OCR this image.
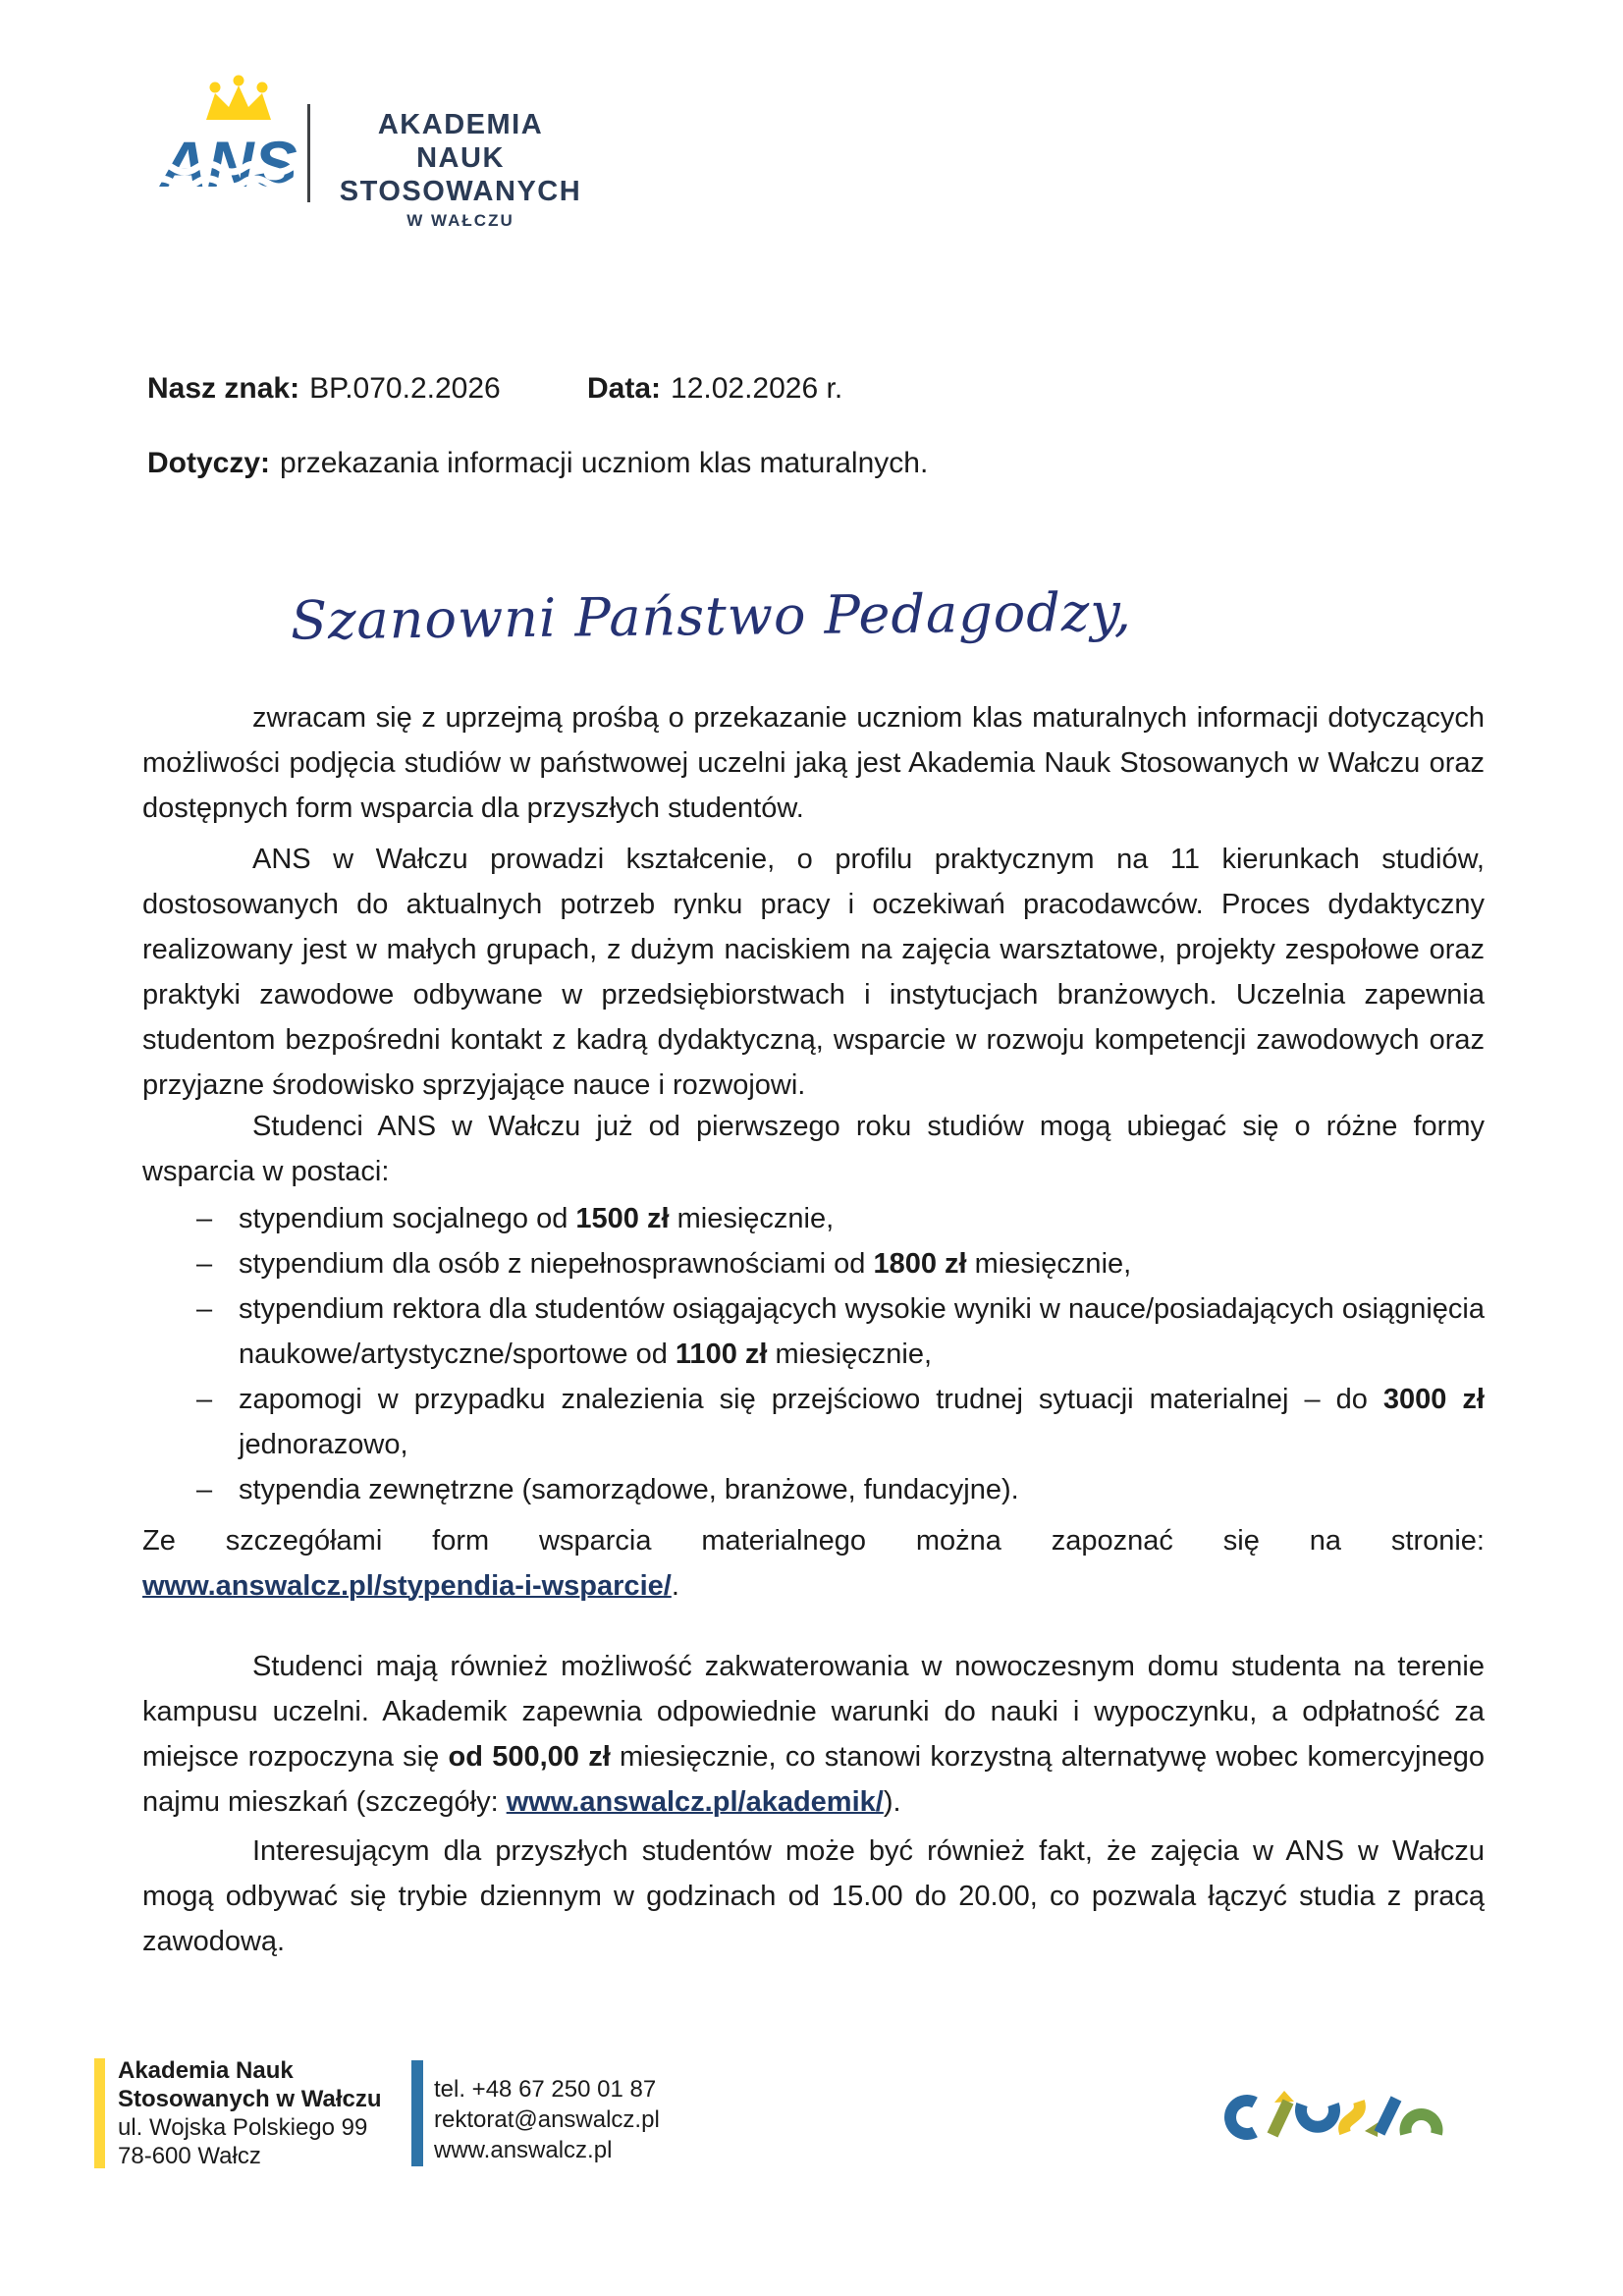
ANS
AKADEMIA
NAUK STOSOWANYCH
W WAŁCZU
Nasz znak: BP.070.2.2026	Data: 12.02.2026 r.
Dotyczy: przekazania informacji uczniom klas maturalnych.
Szanowni Państwo Pedagodzy,
zwracam się z uprzejmą prośbą o przekazanie uczniom klas maturalnych informacji dotyczących możliwości podjęcia studiów w państwowej uczelni jaką jest Akademia Nauk Stosowanych w Wałczu oraz dostępnych form wsparcia dla przyszłych studentów.
ANS w Wałczu prowadzi kształcenie, o profilu praktycznym na 11 kierunkach studiów, dostosowanych do aktualnych potrzeb rynku pracy i oczekiwań pracodawców. Proces dydaktyczny realizowany jest w małych grupach, z dużym naciskiem na zajęcia warsztatowe, projekty zespołowe oraz praktyki zawodowe odbywane w przedsiębiorstwach i instytucjach branżowych. Uczelnia zapewnia studentom bezpośredni kontakt z kadrą dydaktyczną, wsparcie w rozwoju kompetencji zawodowych oraz przyjazne środowisko sprzyjające nauce i rozwojowi.
Studenci ANS w Wałczu już od pierwszego roku studiów mogą ubiegać się o różne formy wsparcia w postaci:
– stypendium socjalnego od 1500 zł miesięcznie,
– stypendium dla osób z niepełnosprawnościami od 1800 zł miesięcznie,
– stypendium rektora dla studentów osiągających wysokie wyniki w nauce/posiadających osiągnięcia naukowe/artystyczne/sportowe od 1100 zł miesięcznie,
– zapomogi w przypadku znalezienia się przejściowo trudnej sytuacji materialnej – do 3000 zł jednorazowo,
– stypendia zewnętrzne (samorządowe, branżowe, fundacyjne).
Ze szczegółami form wsparcia materialnego można zapoznać się na stronie: www.answalcz.pl/stypendia-i-wsparcie/.
Studenci mają również możliwość zakwaterowania w nowoczesnym domu studenta na terenie kampusu uczelni. Akademik zapewnia odpowiednie warunki do nauki i wypoczynku, a odpłatność za miejsce rozpoczyna się od 500,00 zł miesięcznie, co stanowi korzystną alternatywę wobec komercyjnego najmu mieszkań (szczegóły: www.answalcz.pl/akademik/).
Interesującym dla przyszłych studentów może być również fakt, że zajęcia w ANS w Wałczu mogą odbywać się trybie dziennym w godzinach od 15.00 do 20.00, co pozwala łączyć studia z pracą zawodową.
Akademia Nauk
Stosowanych w Wałczu
ul. Wojska Polskiego 99
78-600 Wałcz
tel. +48 67 250 01 87
rektorat@answalcz.pl
www.answalcz.pl
